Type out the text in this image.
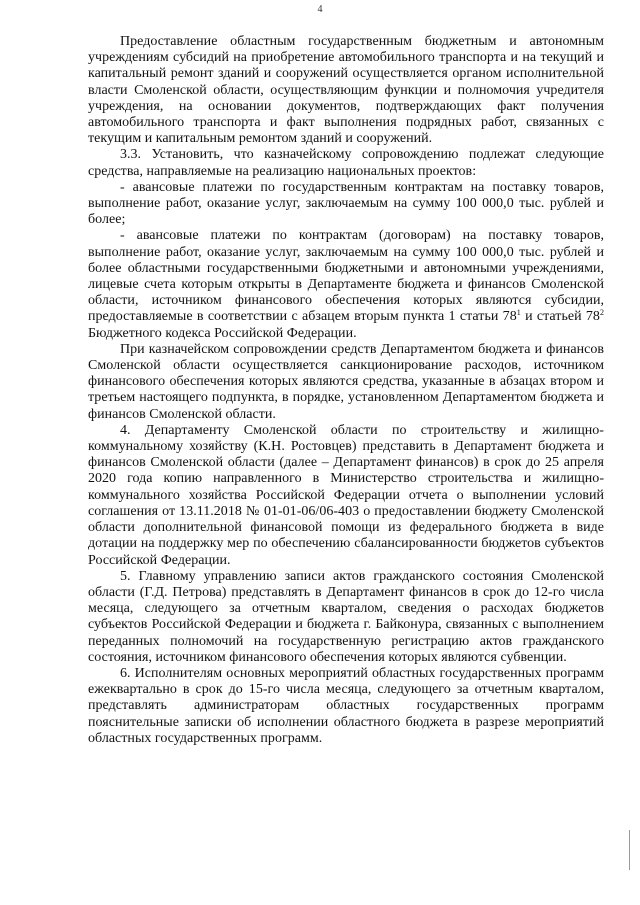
4

Предоставление областным государственным бюджетным и автономным учреждениям субсидий на приобретение автомобильного транспорта и на текущий и капитальный ремонт зданий и сооружений осуществляется органом исполнительной власти Смоленской области, осуществляющим функции и полномочия учредителя учреждения, на основании документов, подтверждающих факт получения автомобильного транспорта и факт выполнения подрядных работ, связанных с текущим и капитальным ремонтом зданий и сооружений.

3.3. Установить, что казначейскому сопровождению подлежат следующие средства, направляемые на реализацию национальных проектов:

- авансовые платежи по государственным контрактам на поставку товаров, выполнение работ, оказание услуг, заключаемым на сумму 100 000,0 тыс. рублей и более;

- авансовые платежи по контрактам (договорам) на поставку товаров, выполнение работ, оказание услуг, заключаемым на сумму 100 000,0 тыс. рублей и более областными государственными бюджетными и автономными учреждениями, лицевые счета которым открыты в Департаменте бюджета и финансов Смоленской области, источником финансового обеспечения которых являются субсидии, предоставляемые в соответствии с абзацем вторым пункта 1 статьи $78^1$ и статьей $78^2$ Бюджетного кодекса Российской Федерации.

При казначейском сопровождении средств Департаментом бюджета и финансов Смоленской области осуществляется санкционирование расходов, источником финансового обеспечения которых являются средства, указанные в абзацах втором и третьем настоящего подпункта, в порядке, установленном Департаментом бюджета и финансов Смоленской области.

4. Департаменту Смоленской области по строительству и жилищно-коммунальному хозяйству (К.Н. Ростовцев) представить в Департамент бюджета и финансов Смоленской области (далее – Департамент финансов) в срок до 25 апреля 2020 года копию направленного в Министерство строительства и жилищно-коммунального хозяйства Российской Федерации отчета о выполнении условий соглашения от 13.11.2018 № 01-01-06/06-403 о предоставлении бюджету Смоленской области дополнительной финансовой помощи из федерального бюджета в виде дотации на поддержку мер по обеспечению сбалансированности бюджетов субъектов Российской Федерации.

5. Главному управлению записи актов гражданского состояния Смоленской области (Г.Д. Петрова) представлять в Департамент финансов в срок до 12-го числа месяца, следующего за отчетным кварталом, сведения о расходах бюджетов субъектов Российской Федерации и бюджета г. Байконура, связанных с выполнением переданных полномочий на государственную регистрацию актов гражданского состояния, источником финансового обеспечения которых являются субвенции.

6. Исполнителям основных мероприятий областных государственных программ ежеквартально в срок до 15-го числа месяца, следующего за отчетным кварталом, представлять администраторам областных государственных программ пояснительные записки об исполнении областного бюджета в разрезе мероприятий областных государственных программ.
